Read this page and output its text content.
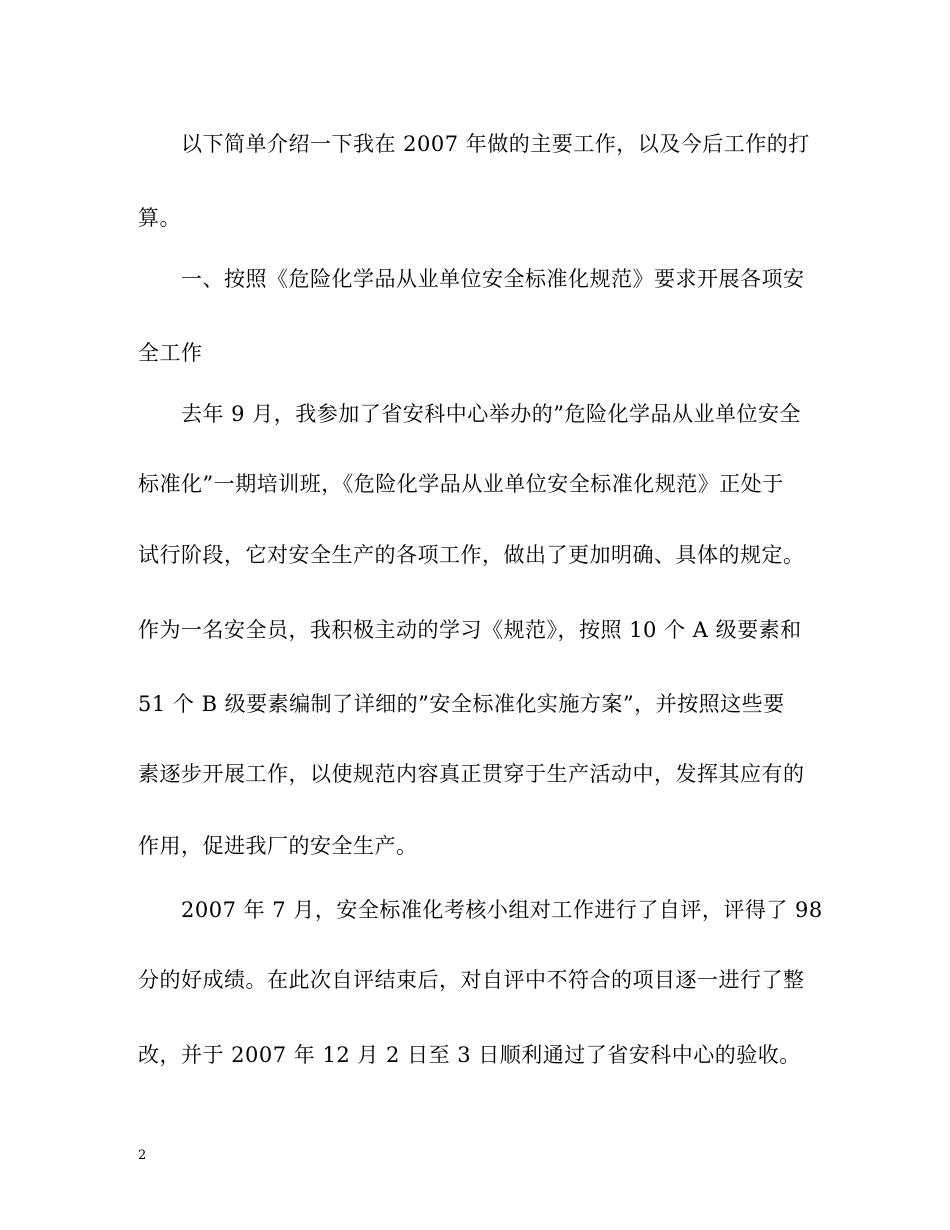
以下简单介绍一下我在 2007 年做的主要工作，以及今后工作的打
算。
一、按照《危险化学品从业单位安全标准化规范》要求开展各项安
全工作
去年 9 月，我参加了省安科中心举办的”危险化学品从业单位安全
标准化”一期培训班，《危险化学品从业单位安全标准化规范》正处于
试行阶段，它对安全生产的各项工作，做出了更加明确、具体的规定。
作为一名安全员，我积极主动的学习《规范》，按照 10 个 A 级要素和
51 个 B 级要素编制了详细的”安全标准化实施方案”，并按照这些要
素逐步开展工作，以使规范内容真正贯穿于生产活动中，发挥其应有的
作用，促进我厂的安全生产。
2007 年 7 月，安全标准化考核小组对工作进行了自评，评得了 98
分的好成绩。在此次自评结束后，对自评中不符合的项目逐一进行了整
改，并于 2007 年 12 月 2 日至 3 日顺利通过了省安科中心的验收。
2
